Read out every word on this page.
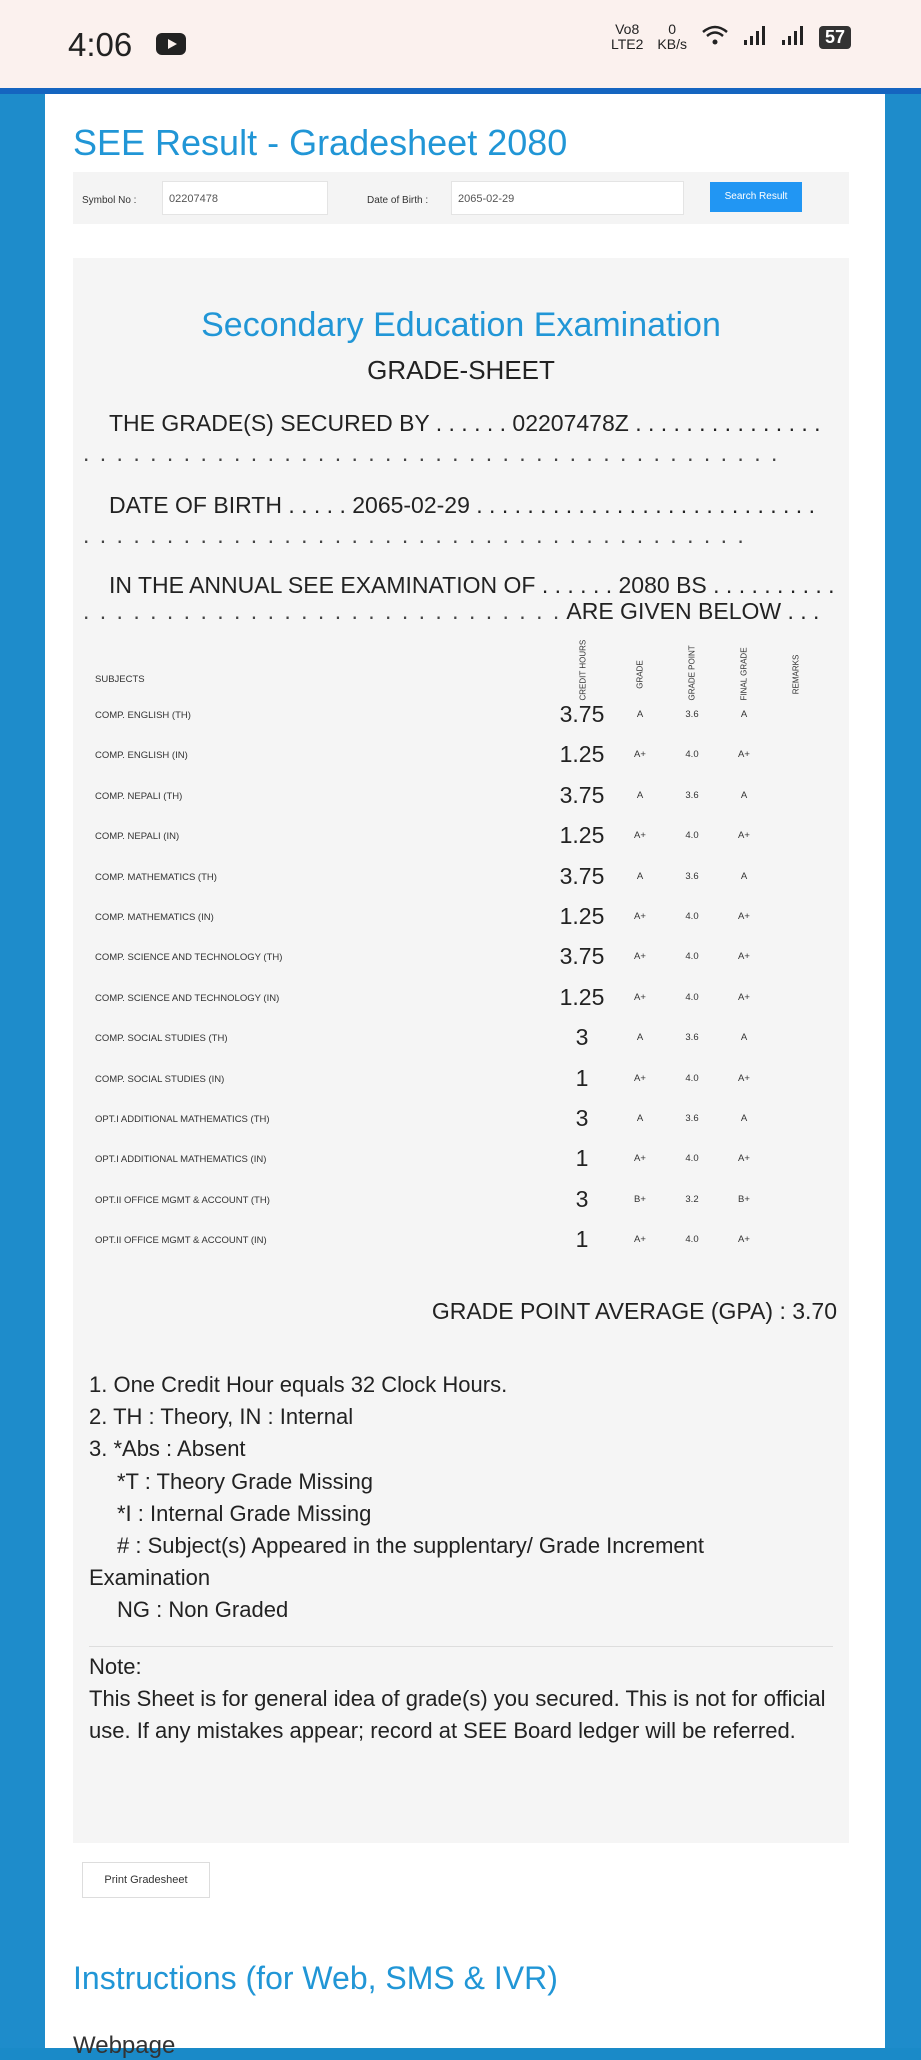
4:06	Vo8
LTE2
0
KB/s	57
SEE Result - Gradesheet 2080
Symbol No :	02207478	Date of Birth :	2065-02-29	Search Result
Secondary Education Examination
GRADE-SHEET
THE GRADE(S) SECURED BY . . . . . . 02207478Z . . . . . . . . . . . . . . .
. . . . . . . . . . . . . . . . . . . . . . . . . . . . . . . . . . . . . . . . . .
DATE OF BIRTH . . . . . 2065-02-29 . . . . . . . . . . . . . . . . . . . . . . . . . . .
. . . . . . . . . . . . . . . . . . . . . . . . . . . . . . . . . . . . . . . .
IN THE ANNUAL SEE EXAMINATION OF . . . . . . 2080 BS . . . . . . . . . .
. . . . . . . . . . . . . . . . . . . . . . . . . . . . . ARE GIVEN BELOW . . .
SUBJECTS	CREDIT HOURS	GRADE	GRADE POINT	FINAL GRADE	REMARKS
COMP. ENGLISH (TH)	3.75	A	3.6	A
COMP. ENGLISH (IN)	1.25	A+	4.0	A+
COMP. NEPALI (TH)	3.75	A	3.6	A
COMP. NEPALI (IN)	1.25	A+	4.0	A+
COMP. MATHEMATICS (TH)	3.75	A	3.6	A
COMP. MATHEMATICS (IN)	1.25	A+	4.0	A+
COMP. SCIENCE AND TECHNOLOGY (TH)	3.75	A+	4.0	A+
COMP. SCIENCE AND TECHNOLOGY (IN)	1.25	A+	4.0	A+
COMP. SOCIAL STUDIES (TH)	3	A	3.6	A
COMP. SOCIAL STUDIES (IN)	1	A+	4.0	A+
OPT.I ADDITIONAL MATHEMATICS (TH)	3	A	3.6	A
OPT.I ADDITIONAL MATHEMATICS (IN)	1	A+	4.0	A+
OPT.II OFFICE MGMT & ACCOUNT (TH)	3	B+	3.2	B+
OPT.II OFFICE MGMT & ACCOUNT (IN)	1	A+	4.0	A+
GRADE POINT AVERAGE (GPA) : 3.70
1. One Credit Hour equals 32 Clock Hours.
2. TH : Theory, IN : Internal
3. *Abs : Absent
*T : Theory Grade Missing
*I : Internal Grade Missing
# : Subject(s) Appeared in the supplentary/ Grade Increment
Examination
NG : Non Graded
Note:
This Sheet is for general idea of grade(s) you secured. This is not for official use. If any mistakes appear; record at SEE Board ledger will be referred.
Print Gradesheet
Instructions (for Web, SMS & IVR)
Webpage
